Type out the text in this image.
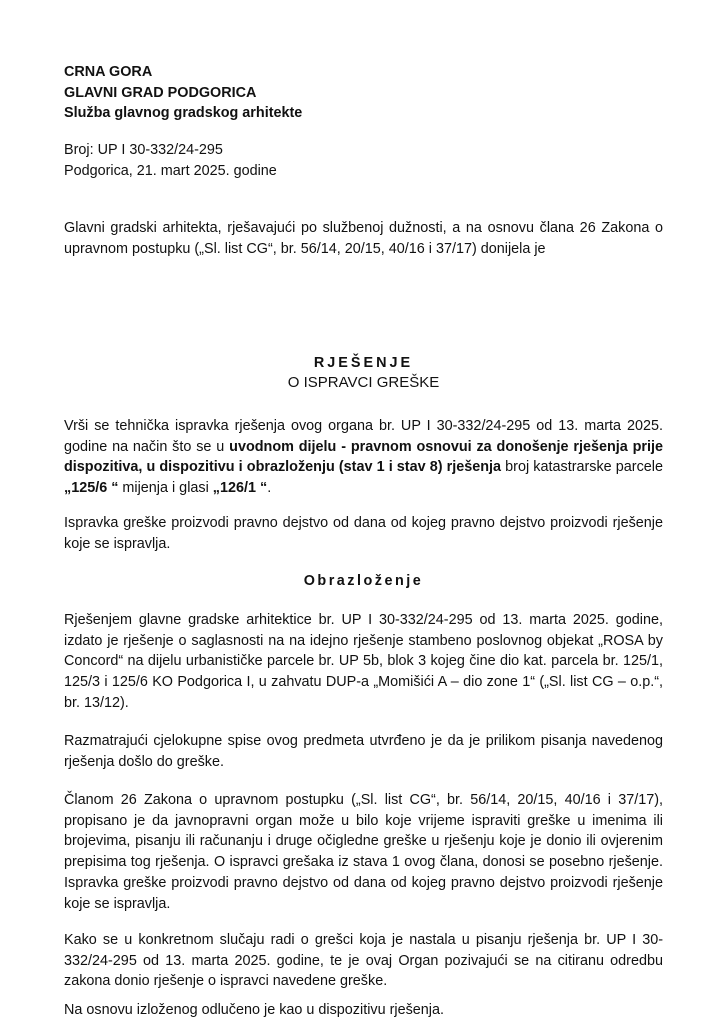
CRNA GORA
GLAVNI GRAD PODGORICA
Služba glavnog gradskog arhitekte
Broj: UP I 30-332/24-295
Podgorica, 21. mart 2025. godine
Glavni gradski arhitekta, rješavajući po službenoj dužnosti, a na osnovu člana 26 Zakona o upravnom postupku („Sl. list CG“, br. 56/14, 20/15, 40/16 i 37/17) donijela je
RJEŠENJE
O ISPRAVCI GREŠKE
Vrši se tehnička ispravka rješenja ovog organa br. UP I 30-332/24-295 od 13. marta 2025. godine na način što se u uvodnom dijelu - pravnom osnovui za donošenje rješenja prije dispozitiva, u dispozitivu i obrazloženju (stav 1 i stav 8) rješenja broj katastrarske parcele „125/6 “ mijenja i glasi „126/1 “.
Ispravka greške proizvodi pravno dejstvo od dana od kojeg pravno dejstvo proizvodi rješenje koje se ispravlja.
Obrazloženje
Rješenjem glavne gradske arhitektice br. UP I 30-332/24-295 od 13. marta 2025. godine, izdato je rješenje o saglasnosti na na idejno rješenje stambeno poslovnog objekat „ROSA by Concord“ na dijelu urbanističke parcele br. UP 5b, blok 3 kojeg čine dio kat. parcela br. 125/1, 125/3 i 125/6 KO Podgorica I, u zahvatu DUP-a „Momišići A – dio zone 1“ („Sl. list CG – o.p.“, br. 13/12).
Razmatrajući cjelokupne spise ovog predmeta utvrđeno je da je prilikom pisanja navedenog rješenja došlo do greške.
Članom 26 Zakona o upravnom postupku („Sl. list CG“, br. 56/14, 20/15, 40/16 i 37/17), propisano je da javnopravni organ može u bilo koje vrijeme ispraviti greške u imenima ili brojevima, pisanju ili računanju i druge očigledne greške u rješenju koje je donio ili ovjerenim prepisima tog rješenja. O ispravci grešaka iz stava 1 ovog člana, donosi se posebno rješenje. Ispravka greške proizvodi pravno dejstvo od dana od kojeg pravno dejstvo proizvodi rješenje koje se ispravlja.
Kako se u konkretnom slučaju radi o grešci koja je nastala u pisanju rješenja br. UP I 30-332/24-295 od 13. marta 2025. godine, te je ovaj Organ pozivajući se na citiranu odredbu zakona donio rješenje o ispravci navedene greške.
Na osnovu izloženog odlučeno je kao u dispozitivu rješenja.
